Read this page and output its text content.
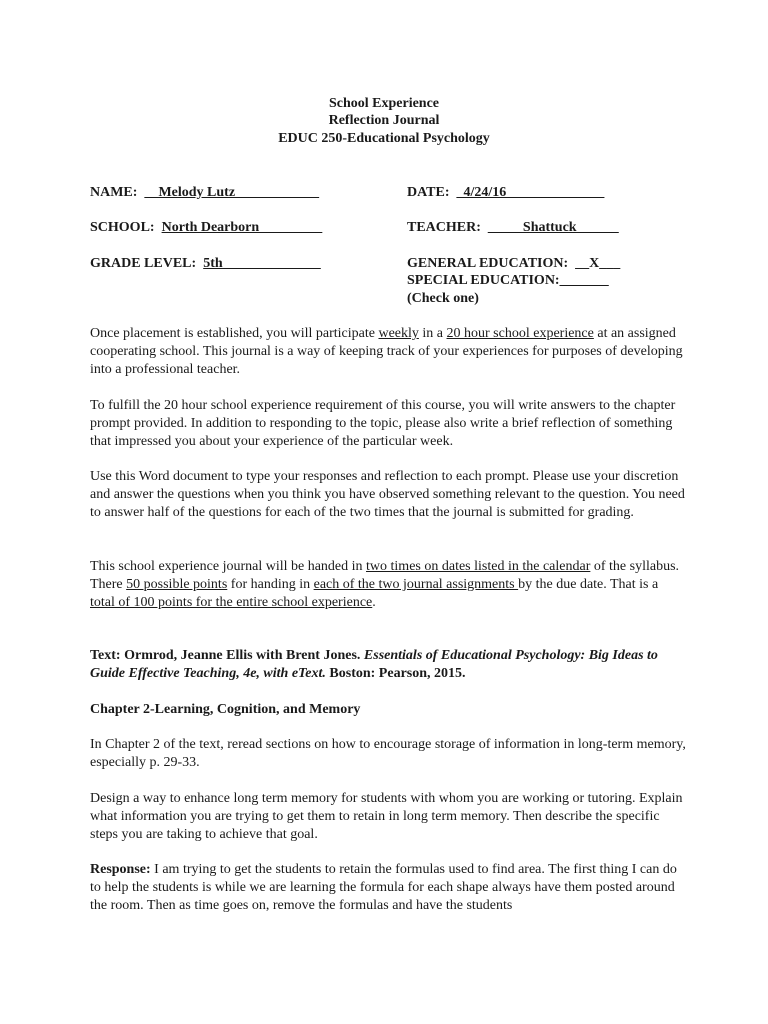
School Experience
Reflection Journal
EDUC 250-Educational Psychology
NAME:  __Melody Lutz____________	DATE:  _4/24/16______________
SCHOOL:  North Dearborn_________	TEACHER:  _____Shattuck______
GRADE LEVEL:  5th______________	GENERAL EDUCATION:  __X___
SPECIAL EDUCATION:_______
(Check one)
Once placement is established, you will participate weekly in a 20 hour school experience at an assigned cooperating school. This journal is a way of keeping track of your experiences for purposes of developing into a professional teacher.
To fulfill the 20 hour school experience requirement of this course, you will write answers to the chapter prompt provided. In addition to responding to the topic, please also write a brief reflection of something that impressed you about your experience of the particular week.
Use this Word document to type your responses and reflection to each prompt. Please use your discretion and answer the questions when you think you have observed something relevant to the question. You need to answer half of the questions for each of the two times that the journal is submitted for grading.
This school experience journal will be handed in two times on dates listed in the calendar of the syllabus. There 50 possible points for handing in each of the two journal assignments by the due date. That is a total of 100 points for the entire school experience.
Text: Ormrod, Jeanne Ellis with Brent Jones. Essentials of Educational Psychology: Big Ideas to Guide Effective Teaching, 4e, with eText. Boston: Pearson, 2015.
Chapter 2-Learning, Cognition, and Memory
In Chapter 2 of the text, reread sections on how to encourage storage of information in long-term memory, especially p. 29-33.
Design a way to enhance long term memory for students with whom you are working or tutoring. Explain what information you are trying to get them to retain in long term memory. Then describe the specific steps you are taking to achieve that goal.
Response: I am trying to get the students to retain the formulas used to find area. The first thing I can do to help the students is while we are learning the formula for each shape always have them posted around the room. Then as time goes on, remove the formulas and have the students
